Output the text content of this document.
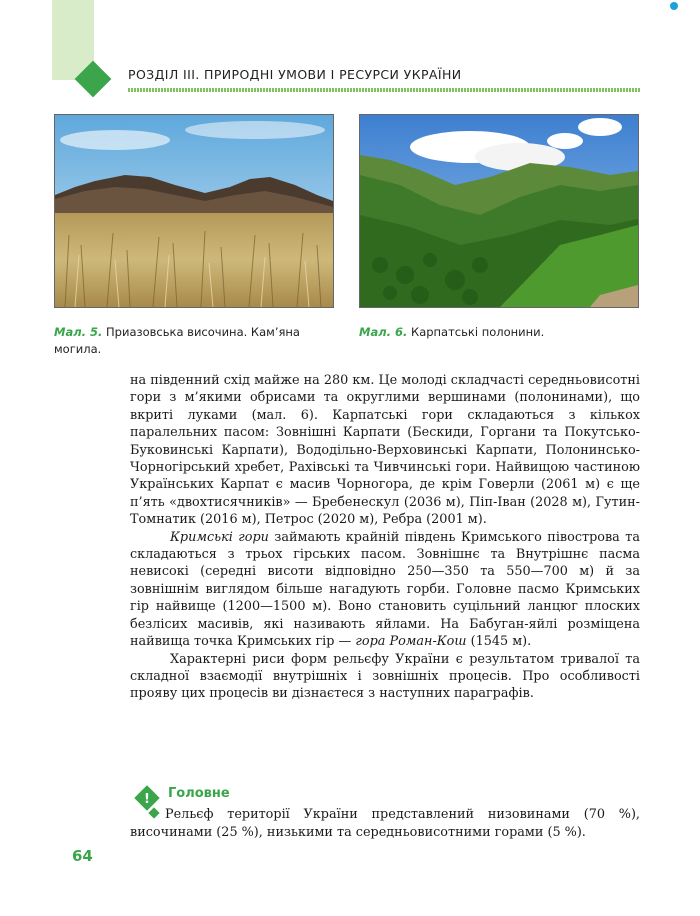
РОЗДІЛ ІІІ. ПРИРОДНІ УМОВИ І РЕСУРСИ УКРАЇНИ
Мал. 5. Приазовська височина. Кам’яна могила.
Мал. 6. Карпатські полонини.

на південний схід майже на 280 км. Це молоді складчасті середньовисотні гори з м’якими обрисами та округлими вершинами (полонинами), що вкриті луками (мал. 6). Карпатські гори складаються з кількох паралельних пасом: Зовнішні Карпати (Бескиди, Горгани та Покутсько-Буковинські Карпати), Вододільно-Верховинські Карпати, Полонинсько-Чорногірський хребет, Рахівські та Чивчинські гори. Найвищою частиною Українських Карпат є масив Чорногора, де крім Говерли (2061 м) є ще п’ять «двохтисячників» — Бребенескул (2036 м), Піп-Іван (2028 м), Гутин-Томнатик (2016 м), Петрос (2020 м), Ребра (2001 м).

Кримські гори займають крайній південь Кримського півострова та складаються з трьох гірських пасом. Зовнішнє та Внутрішнє пасма невисокі (середні висоти відповідно 250—350 та 550—700 м) й за зовнішнім виглядом більше нагадують горби. Головне пасмо Кримських гір найвище (1200—1500 м). Воно становить суцільний ланцюг плоских безлісих масивів, які називають яйлами. На Бабуган-яйлі розміщена найвища точка Кримських гір — гора Роман-Кош (1545 м).

Характерні риси форм рельєфу України є результатом тривалої та складної взаємодії внутрішніх і зовнішніх процесів. Про особливості прояву цих процесів ви дізнаєтеся з наступних параграфів.

! Головне
Рельєф території України представлений низовинами (70 %), височинами (25 %), низькими та середньовисотними горами (5 %).
64
